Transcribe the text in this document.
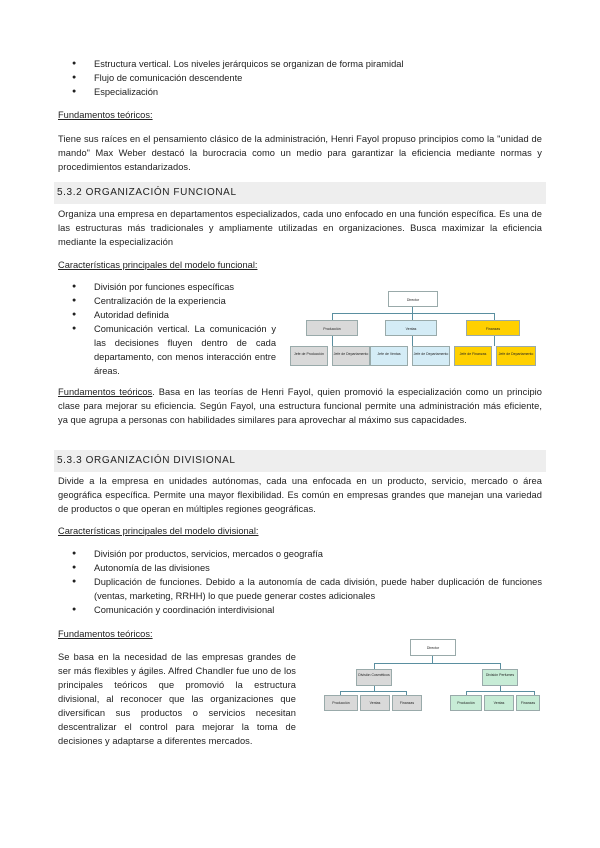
● Estructura vertical. Los niveles jerárquicos se organizan de forma piramidal
● Flujo de comunicación descendente
● Especialización

Fundamentos teóricos:

Tiene sus raíces en el pensamiento clásico de la administración, Henri Fayol propuso principios como la "unidad de mando" Max Weber destacó la burocracia como un medio para garantizar la eficiencia mediante normas y procedimientos estandarizados.

5.3.2 ORGANIZACIÓN FUNCIONAL

Organiza una empresa en departamentos especializados, cada uno enfocado en una función específica. Es una de las estructuras más tradicionales y ampliamente utilizadas en organizaciones. Busca maximizar la eficiencia mediante la especialización

Características principales del modelo funcional:

● División por funciones específicas
● Centralización de la experiencia
● Autoridad definida
● Comunicación vertical. La comunicación y las decisiones fluyen dentro de cada departamento, con menos interacción entre áreas.
Director
Producción	Ventas	Finanzas
Jefe de Producción	Jefe de Departamento	Jefe de Ventas	Jefe de Departamento	Jefe de Finanzas	Jefe de Departamento

Fundamentos teóricos. Basa en las teorías de Henri Fayol, quien promovió la especialización como un principio clase para mejorar su eficiencia. Según Fayol, una estructura funcional permite una administración más eficiente, ya que agrupa a personas con habilidades similares para aprovechar al máximo sus capacidades.

5.3.3 ORGANIZACIÓN DIVISIONAL

Divide a la empresa en unidades autónomas, cada una enfocada en un producto, servicio, mercado o área geográfica específica. Permite una mayor flexibilidad. Es común en empresas grandes que manejan una variedad de productos o que operan en múltiples regiones geográficas.

Características principales del modelo divisional:

● División por productos, servicios, mercados o geografía
● Autonomía de las divisiones
● Duplicación de funciones. Debido a la autonomía de cada división, puede haber duplicación de funciones (ventas, marketing, RRHH) lo que puede generar costes adicionales
● Comunicación y coordinación interdivisional

Fundamentos teóricos:

Se basa en la necesidad de las empresas grandes de ser más flexibles y ágiles. Alfred Chandler fue uno de los principales teóricos que promovió la estructura divisional, al reconocer que las organizaciones que diversifican sus productos o servicios necesitan descentralizar el control para mejorar la toma de decisiones y adaptarse a diferentes mercados.

Director
División Cosméticos	División Perfumes
Producción	Ventas	Finanzas	Producción	Ventas	Finanzas
